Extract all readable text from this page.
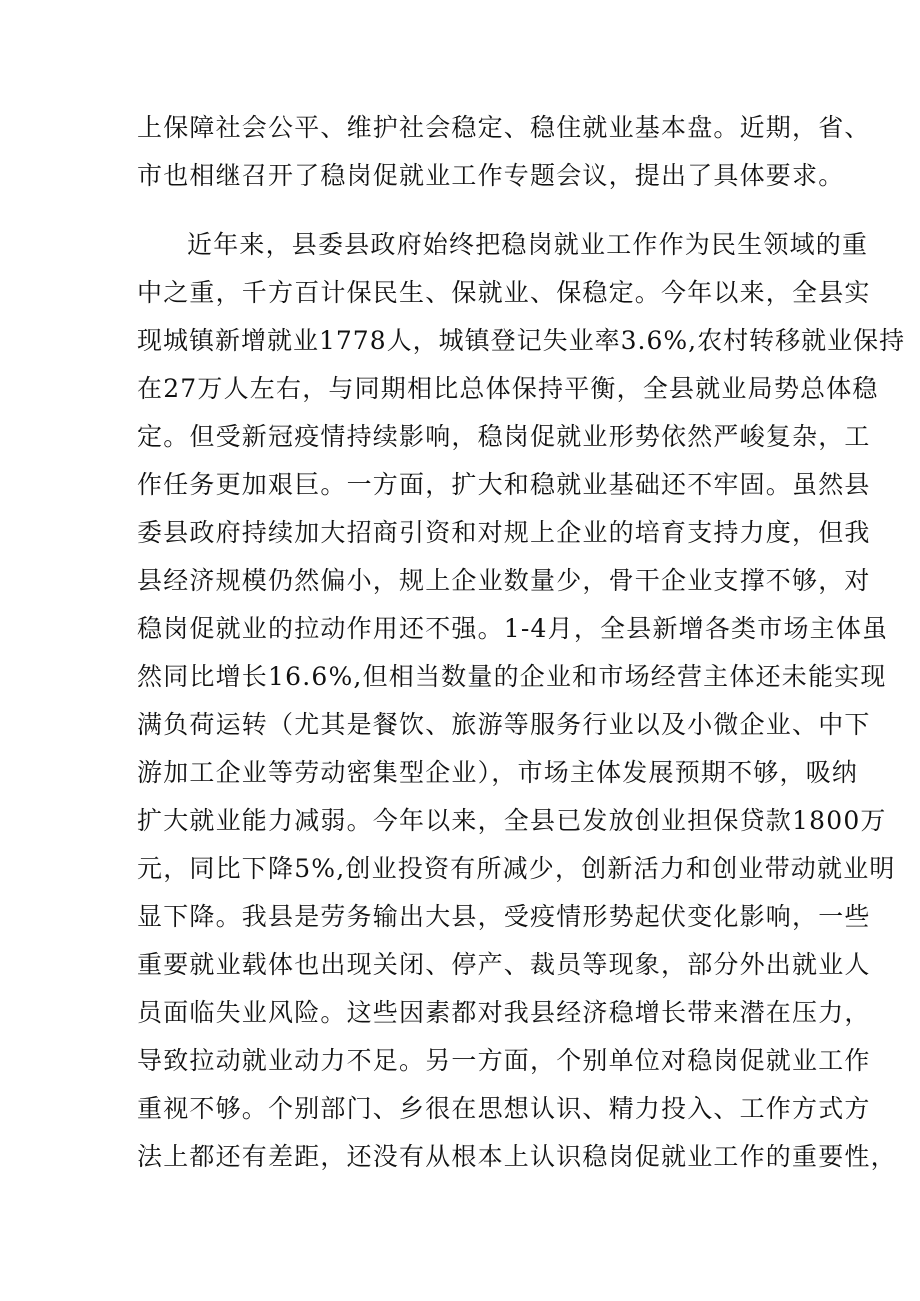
上保障社会公平、维护社会稳定、稳住就业基本盘。近期，省、
市也相继召开了稳岗促就业工作专题会议，提出了具体要求。
近年来，县委县政府始终把稳岗就业工作作为民生领域的重
中之重，千方百计保民生、保就业、保稳定。今年以来，全县实
现城镇新增就业1778人，城镇登记失业率3.6%,农村转移就业保持
在27万人左右，与同期相比总体保持平衡，全县就业局势总体稳
定。但受新冠疫情持续影响，稳岗促就业形势依然严峻复杂，工
作任务更加艰巨。一方面，扩大和稳就业基础还不牢固。虽然县
委县政府持续加大招商引资和对规上企业的培育支持力度，但我
县经济规模仍然偏小，规上企业数量少，骨干企业支撑不够，对
稳岗促就业的拉动作用还不强。1-4月，全县新增各类市场主体虽
然同比增长16.6%,但相当数量的企业和市场经营主体还未能实现
满负荷运转（尤其是餐饮、旅游等服务行业以及小微企业、中下
游加工企业等劳动密集型企业），市场主体发展预期不够，吸纳
扩大就业能力减弱。今年以来，全县已发放创业担保贷款1800万
元，同比下降5%,创业投资有所减少，创新活力和创业带动就业明
显下降。我县是劳务输出大县，受疫情形势起伏变化影响，一些
重要就业载体也出现关闭、停产、裁员等现象，部分外出就业人
员面临失业风险。这些因素都对我县经济稳增长带来潜在压力，
导致拉动就业动力不足。另一方面，个别单位对稳岗促就业工作
重视不够。个别部门、乡很在思想认识、精力投入、工作方式方
法上都还有差距，还没有从根本上认识稳岗促就业工作的重要性，
